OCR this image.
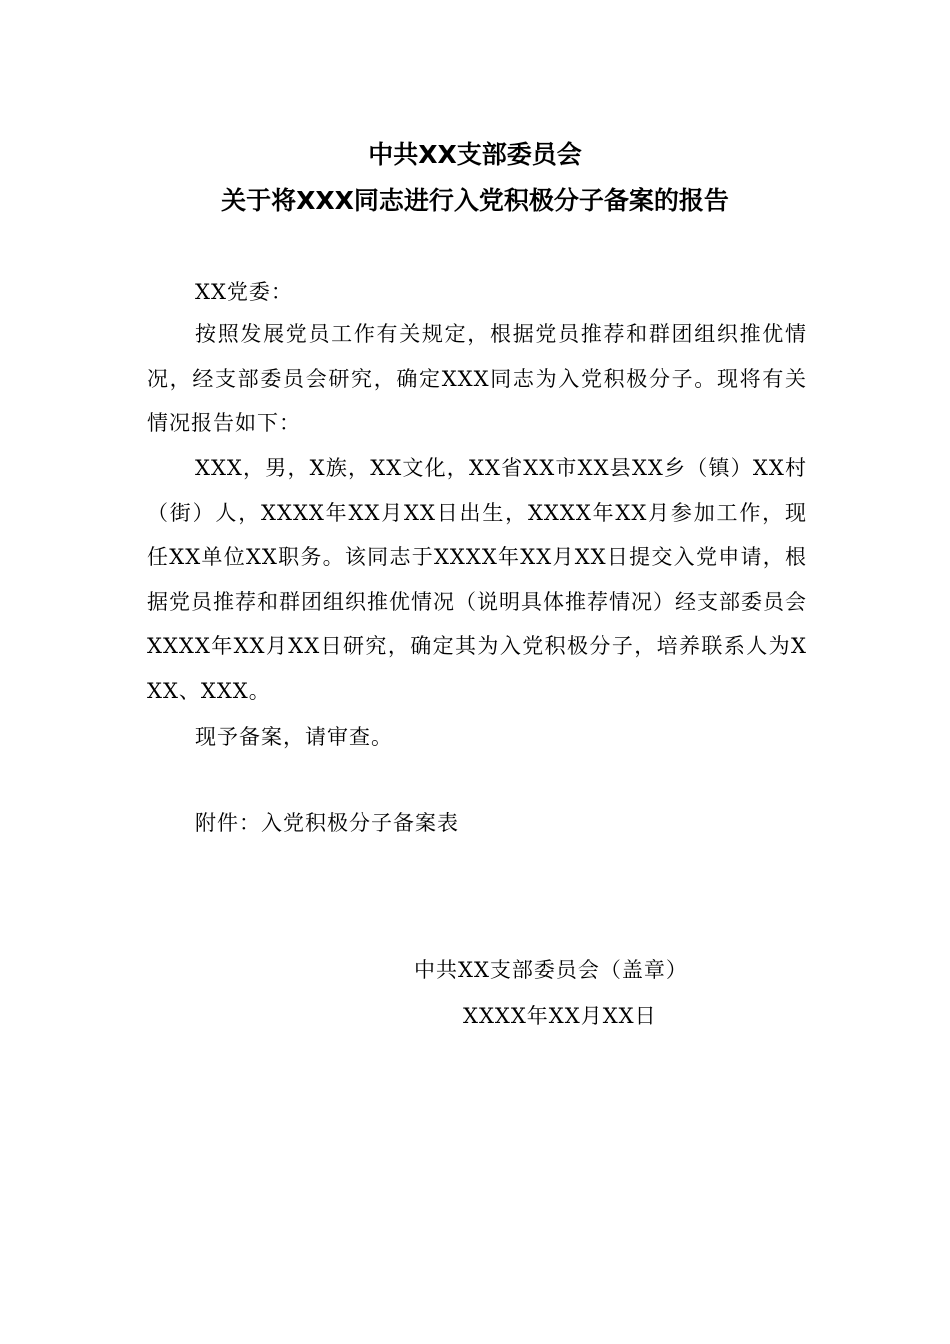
中共XX支部委员会
关于将XXX同志进行入党积极分子备案的报告
XX党委：
按照发展党员工作有关规定，根据党员推荐和群团组织推优情况，经支部委员会研究，确定XXX同志为入党积极分子。现将有关情况报告如下：
XXX，男，X族，XX文化，XX省XX市XX县XX乡（镇）XX村（街）人，XXXX年XX月XX日出生，XXXX年XX月参加工作，现任XX单位XX职务。该同志于XXXX年XX月XX日提交入党申请，根据党员推荐和群团组织推优情况（说明具体推荐情况）经支部委员会XXXX年XX月XX日研究，确定其为入党积极分子，培养联系人为XXX、XXX。
现予备案，请审查。
附件：入党积极分子备案表
中共XX支部委员会（盖章）
XXXX年XX月XX日
